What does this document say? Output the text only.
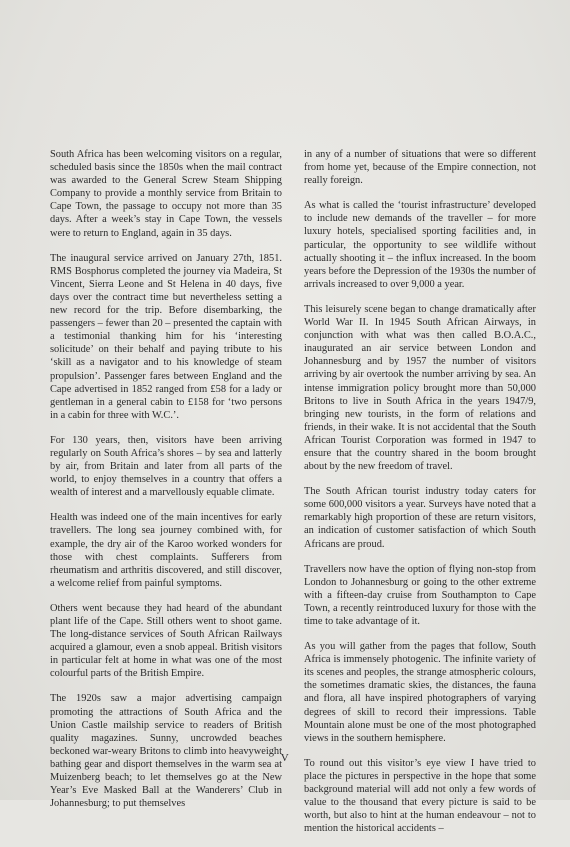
South Africa has been welcoming visitors on a regular, scheduled basis since the 1850s when the mail contract was awarded to the General Screw Steam Shipping Company to provide a monthly service from Britain to Cape Town, the passage to occupy not more than 35 days. After a week’s stay in Cape Town, the vessels were to return to England, again in 35 days.

The inaugural service arrived on January 27th, 1851. RMS Bosphorus completed the journey via Madeira, St Vincent, Sierra Leone and St Helena in 40 days, five days over the contract time but nevertheless setting a new record for the trip. Before disembarking, the passengers – fewer than 20 – presented the captain with a testimonial thanking him for his ‘interesting solicitude’ on their behalf and paying tribute to his ‘skill as a navigator and to his knowledge of steam propulsion’. Passenger fares between England and the Cape advertised in 1852 ranged from £58 for a lady or gentleman in a general cabin to £158 for ‘two persons in a cabin for three with W.C.’.

For 130 years, then, visitors have been arriving regularly on South Africa’s shores – by sea and latterly by air, from Britain and later from all parts of the world, to enjoy themselves in a country that offers a wealth of interest and a marvellously equable climate.

Health was indeed one of the main incentives for early travellers. The long sea journey combined with, for example, the dry air of the Karoo worked wonders for those with chest complaints. Sufferers from rheumatism and arthritis discovered, and still discover, a welcome relief from painful symptoms.

Others went because they had heard of the abundant plant life of the Cape. Still others went to shoot game. The long-distance services of South African Railways acquired a glamour, even a snob appeal. British visitors in particular felt at home in what was one of the most colourful parts of the British Empire.

The 1920s saw a major advertising campaign promoting the attractions of South Africa and the Union Castle mailship service to readers of British quality magazines. Sunny, uncrowded beaches beckoned war-weary Britons to climb into heavyweight bathing gear and disport themselves in the warm sea at Muizenberg beach; to let themselves go at the New Year’s Eve Masked Ball at the Wanderers’ Club in Johannesburg; to put themselves

in any of a number of situations that were so different from home yet, because of the Empire connection, not really foreign.

As what is called the ‘tourist infrastructure’ developed to include new demands of the traveller – for more luxury hotels, specialised sporting facilities and, in particular, the opportunity to see wildlife without actually shooting it – the influx increased. In the boom years before the Depression of the 1930s the number of arrivals increased to over 9,000 a year.

This leisurely scene began to change dramatically after World War II. In 1945 South African Airways, in conjunction with what was then called B.O.A.C., inaugurated an air service between London and Johannesburg and by 1957 the number of visitors arriving by air overtook the number arriving by sea. An intense immigration policy brought more than 50,000 Britons to live in South Africa in the years 1947/9, bringing new tourists, in the form of relations and friends, in their wake. It is not accidental that the South African Tourist Corporation was formed in 1947 to ensure that the country shared in the boom brought about by the new freedom of travel.

The South African tourist industry today caters for some 600,000 visitors a year. Surveys have noted that a remarkably high proportion of these are return visitors, an indication of customer satisfaction of which South Africans are proud.

Travellers now have the option of flying non-stop from London to Johannesburg or going to the other extreme with a fifteen-day cruise from Southampton to Cape Town, a recently reintroduced luxury for those with the time to take advantage of it.

As you will gather from the pages that follow, South Africa is immensely photogenic. The infinite variety of its scenes and peoples, the strange atmospheric colours, the sometimes dramatic skies, the distances, the fauna and flora, all have inspired photographers of varying degrees of skill to record their impressions. Table Mountain alone must be one of the most photographed views in the southern hemisphere.

To round out this visitor’s eye view I have tried to place the pictures in perspective in the hope that some background material will add not only a few words of value to the thousand that every picture is said to be worth, but also to hint at the human endeavour – not to mention the historical accidents –

V
